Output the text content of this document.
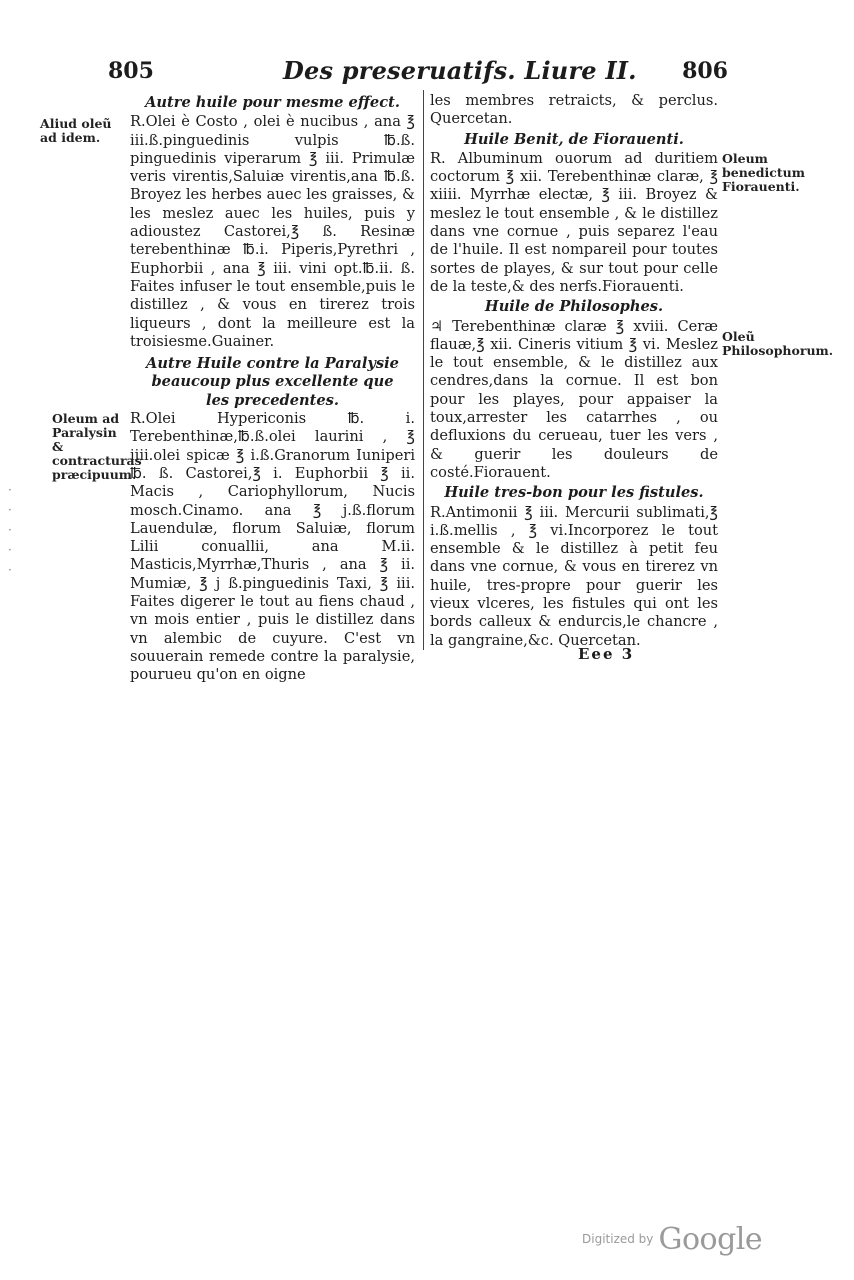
805	Des preseruatifs. Liure II. 806
Autre huile pour mesme effect.

R.Olei è Costo , olei è nucibus , ana ℥ iii.ß.pinguedinis vulpis ℔.ß. pinguedinis viperarum ℥ iii. Primulæ veris virentis,Saluiæ virentis,ana ℔.ß. Broyez les herbes auec les graisses, & les meslez auec les huiles, puis y adioustez Castorei,℥ ß. Resinæ terebenthinæ ℔.i. Piperis,Pyrethri , Euphorbii , ana ℥ iii. vini opt.℔.ii. ß. Faites infuser le tout ensemble,puis le distillez , & vous en tirerez trois liqueurs , dont la meilleure est la troisiesme.Guainer.

Autre Huile contre la Paralysie
beaucoup plus excellente que
les precedentes.

R.Olei Hypericonis ℔. i. Terebenthinæ,℔.ß.olei laurini , ℥ iiii.olei spicæ ℥ i.ß.Granorum Iuniperi ℔. ß. Castorei,℥ i. Euphorbii ℥ ii. Macis , Cariophyllorum, Nucis mosch.Cinamo. ana ℥ j.ß.florum Lauendulæ, florum Saluiæ, florum Lilii conuallii, ana M.ii. Masticis,Myrrhæ,Thuris , ana ℥ ii. Mumiæ, ℥ j ß.pinguedinis Taxi, ℥ iii. Faites digerer le tout au fiens chaud , vn mois entier , puis le distillez dans vn alembic de cuyure. C'est vn souuerain remede contre la paralysie, pourueu qu'on en oigne

les membres retraicts, & perclus. Quercetan.

Huile Benit, de Fiorauenti.

R. Albuminum ouorum ad duritiem coctorum ℥ xii. Terebenthinæ claræ, ℥ xiiii. Myrrhæ electæ, ℥ iii. Broyez & meslez le tout ensemble , & le distillez dans vne cornue , puis separez l'eau de l'huile. Il est nompareil pour toutes sortes de playes, & sur tout pour celle de la teste,& des nerfs.Fiorauenti.

Huile de Philosophes.

♃ Terebenthinæ claræ ℥ xviii. Ceræ flauæ,℥ xii. Cineris vitium ℥ vi. Meslez le tout ensemble, & le distillez aux cendres,dans la cornue. Il est bon pour les playes, pour appaiser la toux,arrester les catarrhes , ou defluxions du cerueau, tuer les vers , & guerir les douleurs de costé.Fiorauent.

Huile tres-bon pour les fistules.

R.Antimonii ℥ iii. Mercurii sublimati,℥ i.ß.mellis , ℥ vi.Incorporez le tout ensemble & le distillez à petit feu dans vne cornue, & vous en tirerez vn huile, tres-propre pour guerir les vieux vlceres, les fistules qui ont les bords calleux & endurcis,le chancre , la gangraine,&c. Quercetan.

Eee 3
Aliud oleũ ad idem.
Oleum ad Paralysin & contracturas præcipuum.
Oleum benedictum Fiorauenti.
Oleũ Philosophorum.
·
·
·
·
·
$^{Digitized by}$ Google
